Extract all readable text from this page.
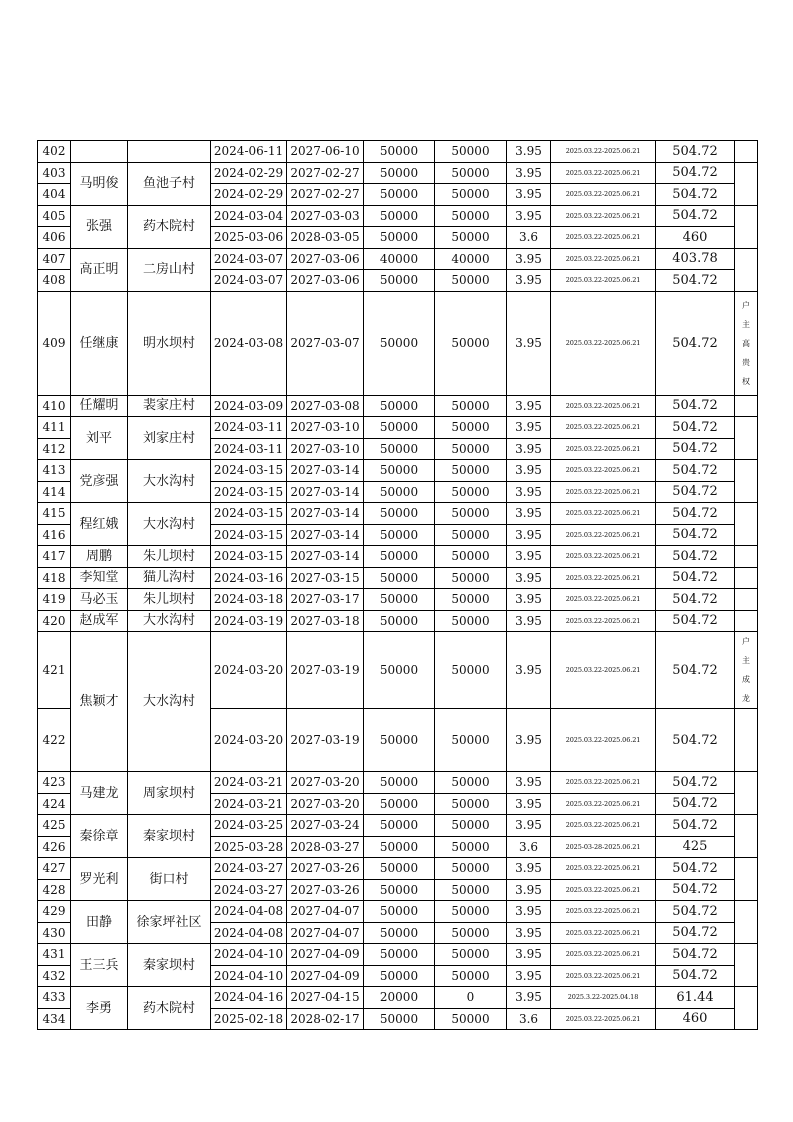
402			2024-06-11	2027-06-10	50000	50000	3.95	2025.03.22-2025.06.21	504.72	
403	马明俊	鱼池子村	2024-02-29	2027-02-27	50000	50000	3.95	2025.03.22-2025.06.21	504.72	
404			2024-02-29	2027-02-27	50000	50000	3.95	2025.03.22-2025.06.21	504.72	
405	张强	药木院村	2024-03-04	2027-03-03	50000	50000	3.95	2025.03.22-2025.06.21	504.72	
406			2025-03-06	2028-03-05	50000	50000	3.6	2025.03.22-2025.06.21	460	
407	高正明	二房山村	2024-03-07	2027-03-06	40000	40000	3.95	2025.03.22-2025.06.21	403.78	
408			2024-03-07	2027-03-06	50000	50000	3.95	2025.03.22-2025.06.21	504.72	
409	任继康	明水坝村	2024-03-08	2027-03-07	50000	50000	3.95	2025.03.22-2025.06.21	504.72	户
主
高
贵
权

410	任耀明	裴家庄村	2024-03-09	2027-03-08	50000	50000	3.95	2025.03.22-2025.06.21	504.72	
411	刘平	刘家庄村	2024-03-11	2027-03-10	50000	50000	3.95	2025.03.22-2025.06.21	504.72	
412			2024-03-11	2027-03-10	50000	50000	3.95	2025.03.22-2025.06.21	504.72	
413	党彦强	大水沟村	2024-03-15	2027-03-14	50000	50000	3.95	2025.03.22-2025.06.21	504.72	
414			2024-03-15	2027-03-14	50000	50000	3.95	2025.03.22-2025.06.21	504.72	
415	程红娥	大水沟村	2024-03-15	2027-03-14	50000	50000	3.95	2025.03.22-2025.06.21	504.72	
416			2024-03-15	2027-03-14	50000	50000	3.95	2025.03.22-2025.06.21	504.72	
417	周鹏	朱儿坝村	2024-03-15	2027-03-14	50000	50000	3.95	2025.03.22-2025.06.21	504.72	
418	李知堂	猫儿沟村	2024-03-16	2027-03-15	50000	50000	3.95	2025.03.22-2025.06.21	504.72	
419	马必玉	朱儿坝村	2024-03-18	2027-03-17	50000	50000	3.95	2025.03.22-2025.06.21	504.72	
420	赵成军	大水沟村	2024-03-19	2027-03-18	50000	50000	3.95	2025.03.22-2025.06.21	504.72	
421	焦颖才	大水沟村	2024-03-20	2027-03-19	50000	50000	3.95	2025.03.22-2025.06.21	504.72	户
主
成
龙

422			2024-03-20	2027-03-19	50000	50000	3.95	2025.03.22-2025.06.21	504.72	
423	马建龙	周家坝村	2024-03-21	2027-03-20	50000	50000	3.95	2025.03.22-2025.06.21	504.72	
424			2024-03-21	2027-03-20	50000	50000	3.95	2025.03.22-2025.06.21	504.72	
425	秦徐章	秦家坝村	2024-03-25	2027-03-24	50000	50000	3.95	2025.03.22-2025.06.21	504.72	
426			2025-03-28	2028-03-27	50000	50000	3.6	2025-03-28-2025.06.21	425	
427	罗光利	街口村	2024-03-27	2027-03-26	50000	50000	3.95	2025.03.22-2025.06.21	504.72	
428			2024-03-27	2027-03-26	50000	50000	3.95	2025.03.22-2025.06.21	504.72	
429	田静	徐家坪社区	2024-04-08	2027-04-07	50000	50000	3.95	2025.03.22-2025.06.21	504.72	
430			2024-04-08	2027-04-07	50000	50000	3.95	2025.03.22-2025.06.21	504.72	
431	王三兵	秦家坝村	2024-04-10	2027-04-09	50000	50000	3.95	2025.03.22-2025.06.21	504.72	
432			2024-04-10	2027-04-09	50000	50000	3.95	2025.03.22-2025.06.21	504.72	
433	李勇	药木院村	2024-04-16	2027-04-15	20000	0	3.95	2025.3.22-2025.04.18	61.44	
434			2025-02-18	2028-02-17	50000	50000	3.6	2025.03.22-2025.06.21	460	
